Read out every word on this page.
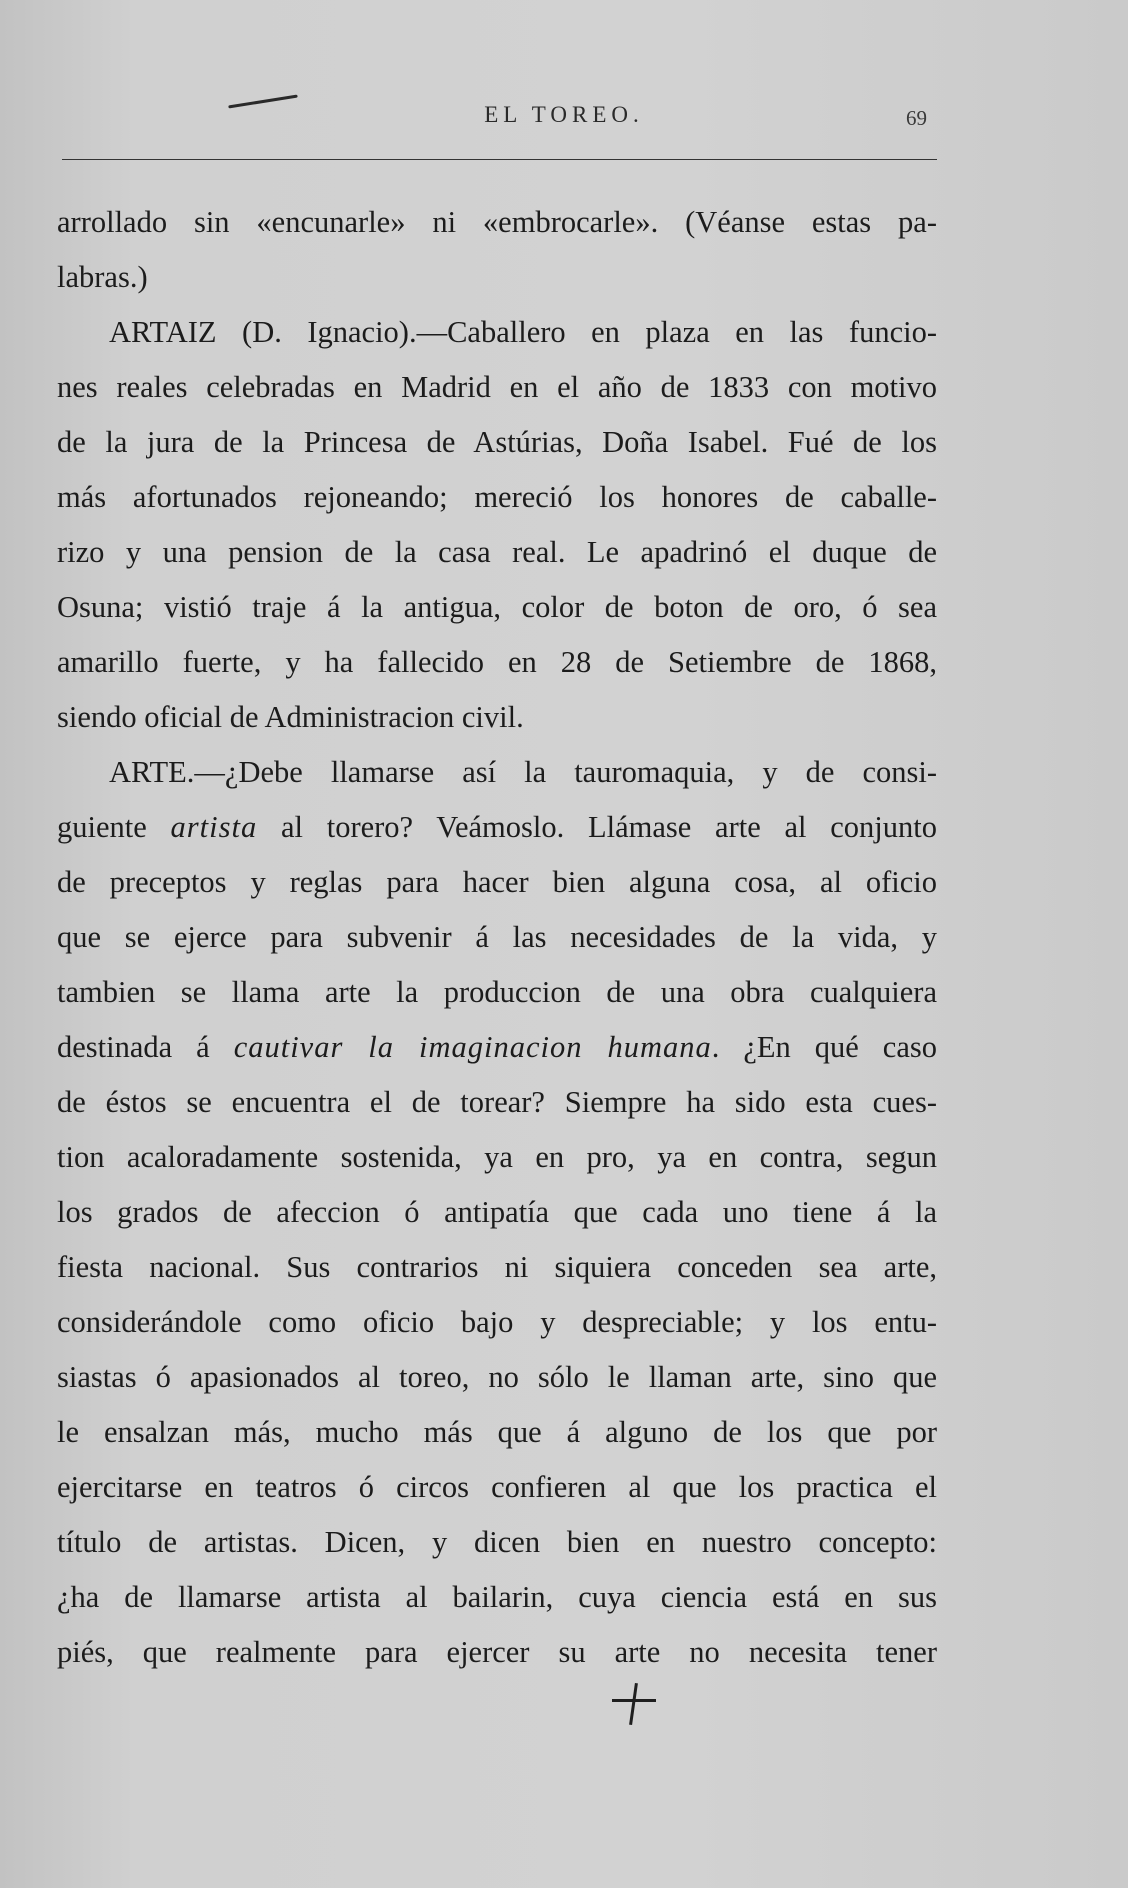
EL TOREO.	69
arrollado sin «encunarle» ni «embrocarle». (Véanse estas pa-
labras.)
ARTAIZ (D. Ignacio).—Caballero en plaza en las funcio-
nes reales celebradas en Madrid en el año de 1833 con motivo
de la jura de la Princesa de Astúrias, Doña Isabel. Fué de los
más afortunados rejoneando; mereció los honores de caballe-
rizo y una pension de la casa real. Le apadrinó el duque de
Osuna; vistió traje á la antigua, color de boton de oro, ó sea
amarillo fuerte, y ha fallecido en 28 de Setiembre de 1868,
siendo oficial de Administracion civil.
ARTE.—¿Debe llamarse así la tauromaquia, y de consi-
guiente artista al torero? Veámoslo. Llámase arte al conjunto
de preceptos y reglas para hacer bien alguna cosa, al oficio
que se ejerce para subvenir á las necesidades de la vida, y
tambien se llama arte la produccion de una obra cualquiera
destinada á cautivar la imaginacion humana. ¿En qué caso
de éstos se encuentra el de torear? Siempre ha sido esta cues-
tion acaloradamente sostenida, ya en pro, ya en contra, segun
los grados de afeccion ó antipatía que cada uno tiene á la
fiesta nacional. Sus contrarios ni siquiera conceden sea arte,
considerándole como oficio bajo y despreciable; y los entu-
siastas ó apasionados al toreo, no sólo le llaman arte, sino que
le ensalzan más, mucho más que á alguno de los que por
ejercitarse en teatros ó circos confieren al que los practica el
título de artistas. Dicen, y dicen bien en nuestro concepto:
¿ha de llamarse artista al bailarin, cuya ciencia está en sus
piés, que realmente para ejercer su arte no necesita tener
